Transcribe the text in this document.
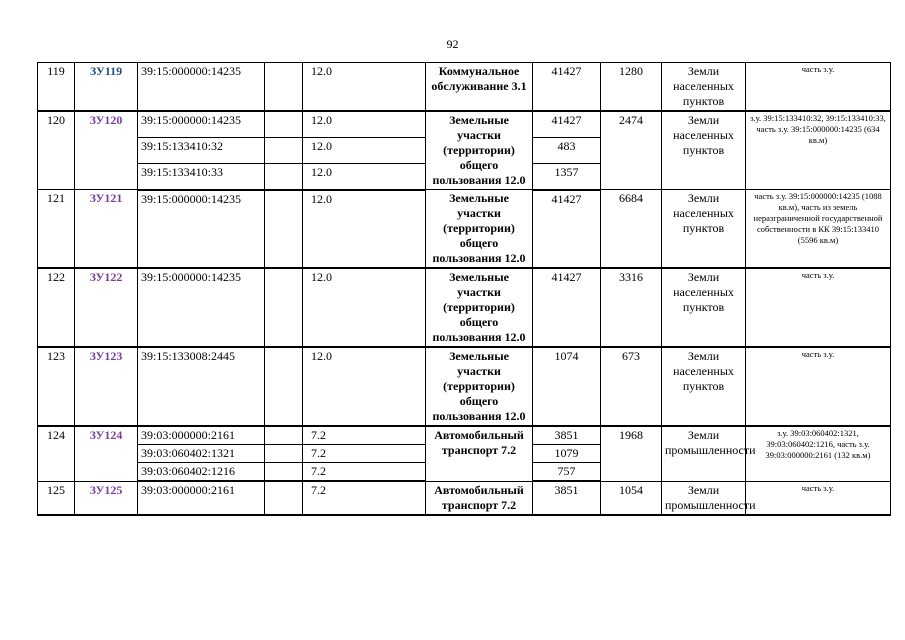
92
119	ЗУ119	39:15:000000:14235		12.0	Коммунальное обслуживание 3.1	41427	1280	Земли населенных пунктов	часть з.у.
120	ЗУ120	39:15:000000:14235		12.0	Земельные участки (территории) общего пользования 12.0	41427	2474	Земли населенных пунктов	з.у. 39:15:133410:32, 39:15:133410:33, часть з.у. 39:15:000000:14235 (634 кв.м)
		39:15:133410:32		12.0		483			
		39:15:133410:33		12.0		1357			
121	ЗУ121	39:15:000000:14235		12.0	Земельные участки (территории) общего пользования 12.0	41427	6684	Земли населенных пунктов	часть з.у. 39:15:000000:14235 (1088 кв.м), часть из земель неразграниченной государственной собственности в КК 39:15:133410 (5596 кв.м)
122	ЗУ122	39:15:000000:14235		12.0	Земельные участки (территории) общего пользования 12.0	41427	3316	Земли населенных пунктов	часть з.у.
123	ЗУ123	39:15:133008:2445		12.0	Земельные участки (территории) общего пользования 12.0	1074	673	Земли населенных пунктов	часть з.у.
124	ЗУ124	39:03:000000:2161		7.2	Автомобильный транспорт 7.2	3851	1968	Земли промышленности	з.у. 39:03:060402:1321, 39:03:060402:1216, часть з.у. 39:03:000000:2161 (132 кв.м)
		39:03:060402:1321		7.2		1079			
		39:03:060402:1216		7.2		757			
125	ЗУ125	39:03:000000:2161		7.2	Автомобильный транспорт 7.2	3851	1054	Земли промышленности	часть з.у.
